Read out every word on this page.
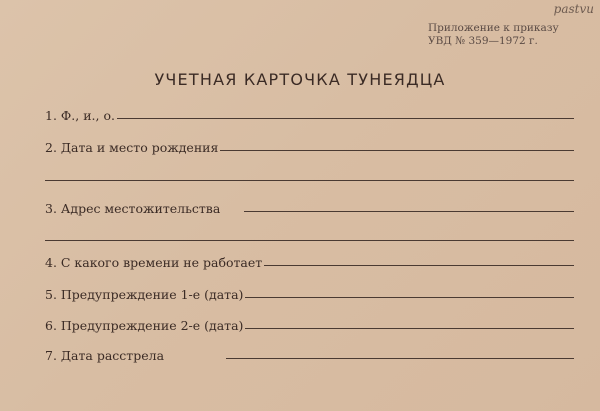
pastvu
Приложение к приказу
УВД № 359—1972 г.
УЧЕТНАЯ КАРТОЧКА ТУНЕЯДЦА
1. Ф., и., о.
2. Дата и место рождения
3. Адрес местожительства
4. С какого времени не работает
5. Предупреждение 1-е (дата)
6. Предупреждение 2-е (дата)
7. Дата расстрела
